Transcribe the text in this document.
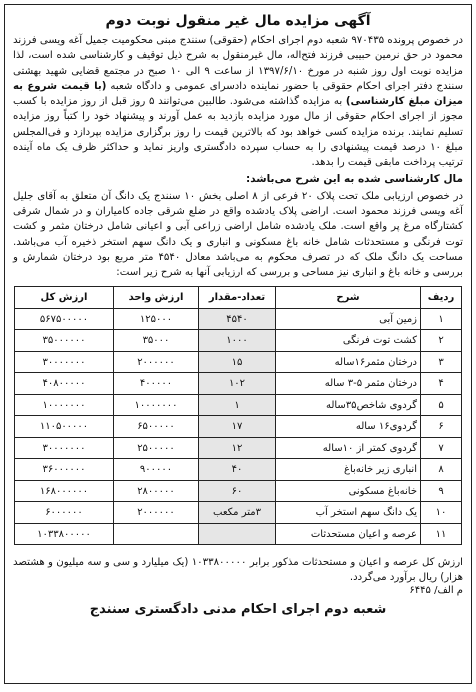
آگهی مزایده مال غیر منقول نوبت دوم
در خصوص پرونده ۹۷۰۴۳۵ شعبه دوم اجرای احکام (حقوقی) سنندج مبنی محکومیت جمیل آغه ویسی فرزند محمود در حق نرمین حبیبی فرزند فتح‌اله، مال غیرمنقول به شرح ذیل توقیف و کارشناسی شده است، لذا مزایده نوبت اول روز شنبه در مورخ ۱۳۹۷/۶/۱۰ از ساعت ۹ الی ۱۰ صبح در مجتمع قضایی شهید بهشتی سنندج دفتر اجرای احکام حقوقی با حضور نماینده دادسرای عمومی و دادگاه شعبه (با قیمت شروع به میزان مبلغ کارشناسی) به مزایده گذاشته می‌شود. طالبین می‌توانند ۵ روز قبل از روز مزایده با کسب مجوز از اجرای احکام حقوقی از مال مورد مزایده بازدید به عمل آورند و پیشنهاد خود را کتباً روز مزایده تسلیم نمایند. برنده مزایده کسی خواهد بود که بالاترین قیمت را روز برگزاری مزایده بپردازد و فی‌المجلس مبلغ ۱۰ درصد قیمت پیشنهادی را به حساب سپرده دادگستری واریز نماید و حداکثر ظرف یک ماه آینده ترتیب پرداخت مابقی قیمت را بدهد.
مال کارشناسی شده به این شرح می‌باشد:
در خصوص ارزیابی ملک تحت پلاک ۲۰ فرعی از ۸ اصلی بخش ۱۰ سنندج یک دانگ آن متعلق به آقای جلیل آغه ویسی فرزند محمود است. اراضی پلاک یادشده واقع در ضلع شرقی جاده کامیاران و در شمال شرقی کشتارگاه مرغ پر واقع است. ملک یادشده شامل اراضی زراعی آبی و اعیانی شامل درختان مثمر و کشت توت فرنگی و مستحدثات شامل خانه باغ مسکونی و انباری و یک دانگ سهم استخر ذخیره آب می‌باشد. مساحت یک دانگ ملک که در تصرف محکوم به می‌باشد معادل ۴۵۴۰ متر مربع بود درختان شمارش و بررسی و خانه باغ و انباری نیز مساحی و بررسی که ارزیابی آنها به شرح زیر است:
ردیف	شرح	تعداد-مقدار	ارزش واحد	ارزش کل
۱	زمین آبی	۴۵۴۰	۱۲۵۰۰۰	۵۶۷۵۰۰۰۰۰
۲	کشت توت فرنگی	۱۰۰۰	۳۵۰۰۰	۳۵۰۰۰۰۰۰
۳	درختان مثمر۱۶ساله	۱۵	۲۰۰۰۰۰۰	۳۰۰۰۰۰۰۰
۴	درختان مثمر ۵-۳ ساله	۱۰۲	۴۰۰۰۰۰	۴۰۸۰۰۰۰۰
۵	گردوی شاخص۳۵ساله	۱	۱۰۰۰۰۰۰۰	۱۰۰۰۰۰۰۰
۶	گردوی۱۶ ساله	۱۷	۶۵۰۰۰۰۰	۱۱۰۵۰۰۰۰۰
۷	گردوی کمتر از ۱۰ساله	۱۲	۲۵۰۰۰۰۰	۳۰۰۰۰۰۰۰
۸	انباری زیر خانه‌باغ	۴۰	۹۰۰۰۰۰	۳۶۰۰۰۰۰۰
۹	خانه‌باغ مسکونی	۶۰	۲۸۰۰۰۰۰	۱۶۸۰۰۰۰۰۰
۱۰	یک دانگ سهم استخر آب	۳متر مکعب	۲۰۰۰۰۰۰	۶۰۰۰۰۰۰
۱۱	عرصه و اعیان مستحدثات			۱۰۳۳۸۰۰۰۰۰
ارزش کل عرصه و اعیان و مستحدثات مذکور برابر ۱۰۳۳۸۰۰۰۰۰ (یک میلیارد و سی و سه میلیون و هشتصد هزار) ریال برآورد می‌گردد.
م الف/ ۶۴۴۵
شعبه دوم اجرای احکام مدنی دادگستری سنندج
